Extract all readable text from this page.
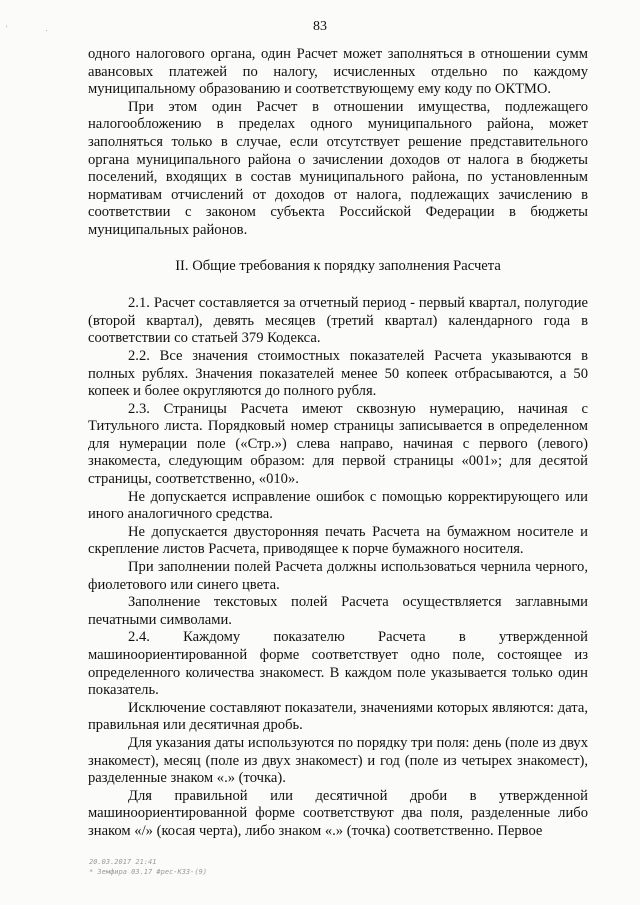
' .	83

одного налогового органа, один Расчет может заполняться в отношении сумм авансовых платежей по налогу, исчисленных отдельно по каждому муниципальному образованию и соответствующему ему коду по ОКТМО.

При этом один Расчет в отношении имущества, подлежащего налогообложению в пределах одного муниципального района, может заполняться только в случае, если отсутствует решение представительного органа муниципального района о зачислении доходов от налога в бюджеты поселений, входящих в состав муниципального района, по установленным нормативам отчислений от доходов от налога, подлежащих зачислению в соответствии с законом субъекта Российской Федерации в бюджеты муниципальных районов.

II. Общие требования к порядку заполнения Расчета

2.1. Расчет составляется за отчетный период - первый квартал, полугодие (второй квартал), девять месяцев (третий квартал) календарного года в соответствии со статьей 379 Кодекса.

2.2. Все значения стоимостных показателей Расчета указываются в полных рублях. Значения показателей менее 50 копеек отбрасываются, а 50 копеек и более округляются до полного рубля.

2.3. Страницы Расчета имеют сквозную нумерацию, начиная с Титульного листа. Порядковый номер страницы записывается в определенном для нумерации поле («Стр.») слева направо, начиная с первого (левого) знакоместа, следующим образом: для первой страницы «001»; для десятой страницы, соответственно, «010».

Не допускается исправление ошибок с помощью корректирующего или иного аналогичного средства.

Не допускается двусторонняя печать Расчета на бумажном носителе и скрепление листов Расчета, приводящее к порче бумажного носителя.

При заполнении полей Расчета должны использоваться чернила черного, фиолетового или синего цвета.

Заполнение текстовых полей Расчета осуществляется заглавными печатными символами.

2.4. Каждому показателю Расчета в утвержденной машиноориентированной форме соответствует одно поле, состоящее из определенного количества знакомест. В каждом поле указывается только один показатель.

Исключение составляют показатели, значениями которых являются: дата, правильная или десятичная дробь.

Для указания даты используются по порядку три поля: день (поле из двух знакомест), месяц (поле из двух знакомест) и год (поле из четырех знакомест), разделенные знаком «.» (точка).

Для правильной или десятичной дроби в утвержденной машиноориентированной форме соответствуют два поля, разделенные либо знаком «/» (косая черта), либо знаком «.» (точка) соответственно. Первое

20.03.2017 21:41
* Земфира 03.17 #рес-КЗЗ-(9)
